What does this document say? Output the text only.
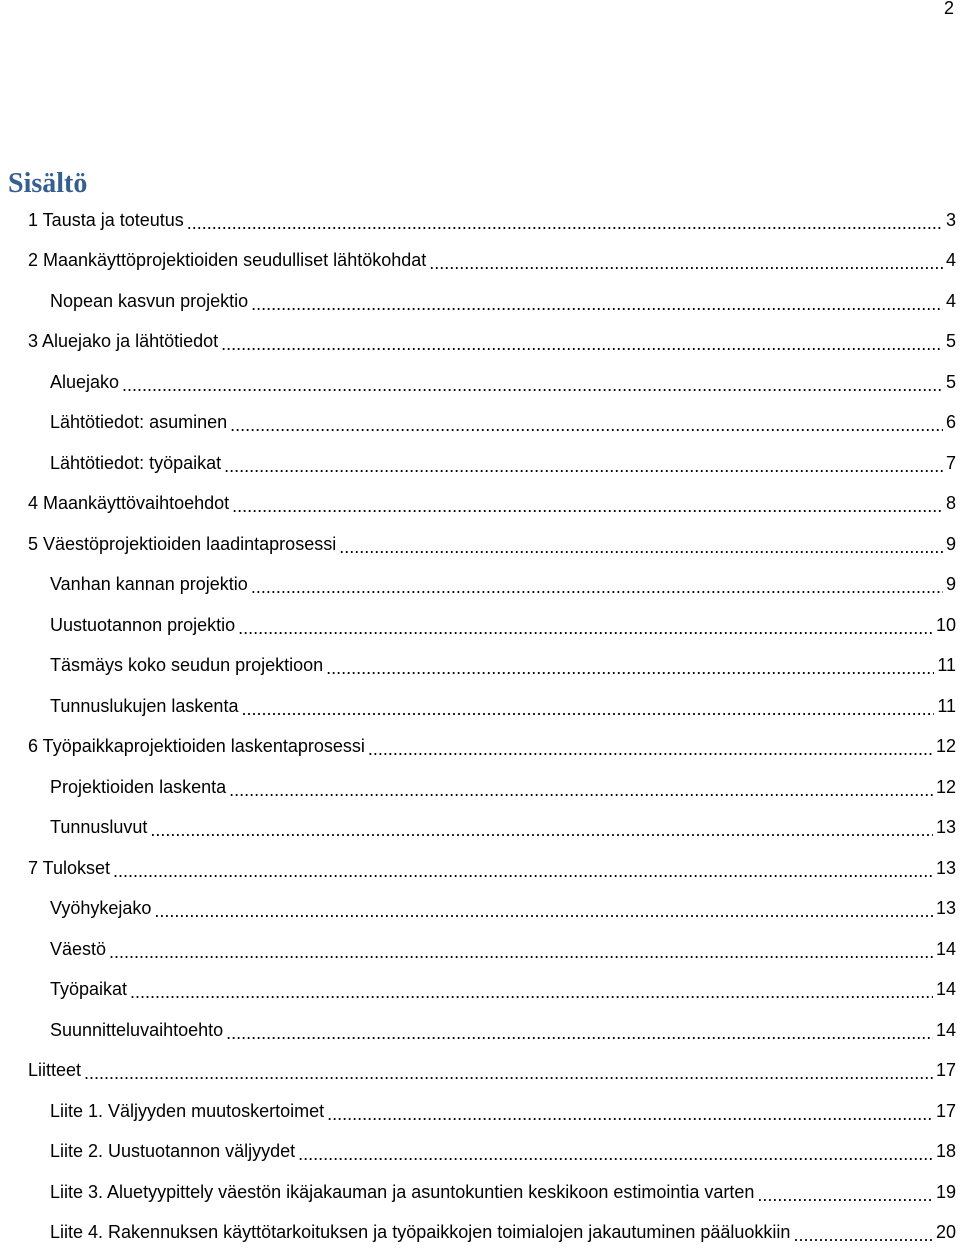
2
Sisältö
1 Tausta ja toteutus .....	3
2 Maankäyttöprojektioiden seudulliset lähtökohdat .....	4
Nopean kasvun projektio .....	4
3 Aluejako ja lähtötiedot .....	5
Aluejako .....	5
Lähtötiedot: asuminen .....	6
Lähtötiedot: työpaikat .....	7
4 Maankäyttövaihtoehdot .....	8
5 Väestöprojektioiden laadintaprosessi .....	9
Vanhan kannan projektio .....	9
Uustuotannon projektio .....	10
Täsmäys koko seudun projektioon .....	11
Tunnuslukujen laskenta .....	11
6 Työpaikkaprojektioiden laskentaprosessi .....	12
Projektioiden laskenta .....	12
Tunnusluvut .....	13
7 Tulokset .....	13
Vyöhykejako .....	13
Väestö .....	14
Työpaikat .....	14
Suunnitteluvaihtoehto .....	14
Liitteet .....	17
Liite 1. Väljyyden muutoskertoimet .....	17
Liite 2. Uustuotannon väljyydet .....	18
Liite 3. Aluetyypittely väestön ikäjakauman ja asuntokuntien keskikoon estimointia varten .....	19
Liite 4. Rakennuksen käyttötarkoituksen ja työpaikkojen toimialojen jakautuminen pääluokkiin .....	20
